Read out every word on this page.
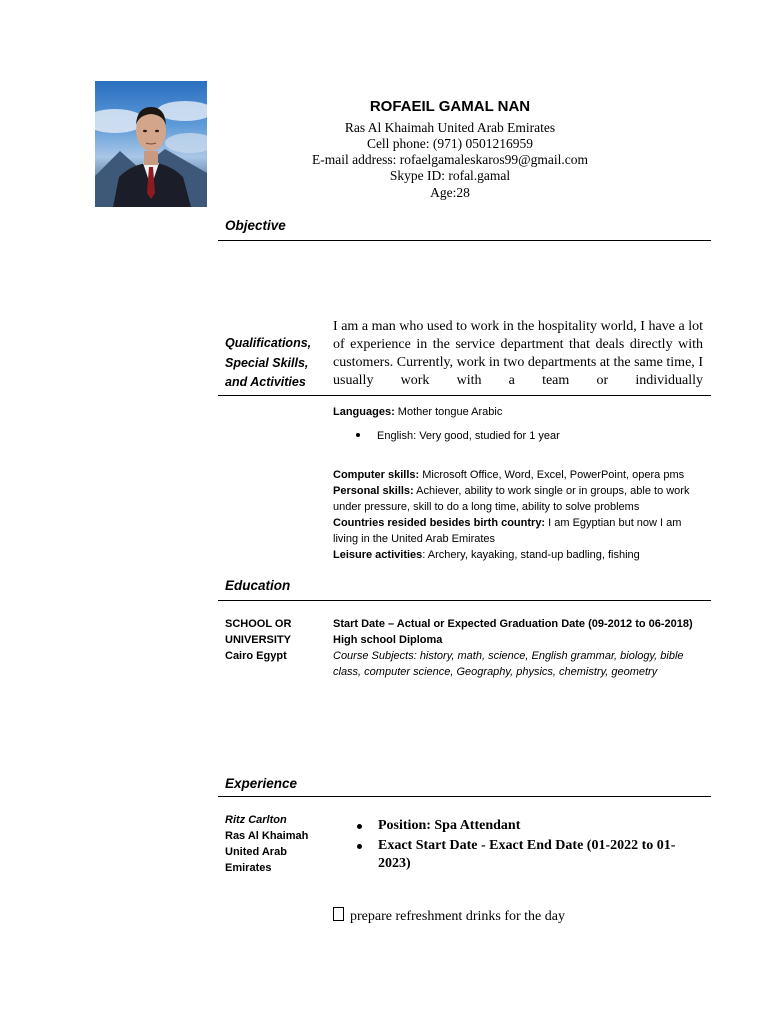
ROFAEIL GAMAL NAN
Ras Al Khaimah United Arab Emirates
Cell phone: (971) 0501216959
E-mail address: rofaelgamaleskaros99@gmail.com
Skype ID: rofal.gamal
Age:28
Objective
Qualifications,
Special Skills,
and Activities
I am a man who used to work in the hospitality world, I have a lot of experience in the service department that deals directly with customers. Currently, work in two departments at the same time, I usually work with a team or individually
Languages: Mother tongue Arabic
English: Very good, studied for 1 year
Computer skills: Microsoft Office, Word, Excel, PowerPoint, opera pms
Personal skills: Achiever, ability to work single or in groups, able to work under pressure, skill to do a long time, ability to solve problems
Countries resided besides birth country: I am Egyptian but now I am living in the United Arab Emirates
Leisure activities: Archery, kayaking, stand-up badling, fishing
Education
SCHOOL OR
UNIVERSITY
Cairo Egypt
Start Date – Actual or Expected Graduation Date (09-2012 to 06-2018)
High school Diploma
Course Subjects: history, math, science, English grammar, biology, bible class, computer science, Geography, physics, chemistry, geometry
Experience
Ritz Carlton
Ras Al Khaimah
United Arab
Emirates
Position: Spa Attendant
Exact Start Date - Exact End Date (01-2022 to 01-2023)
prepare refreshment drinks for the day
